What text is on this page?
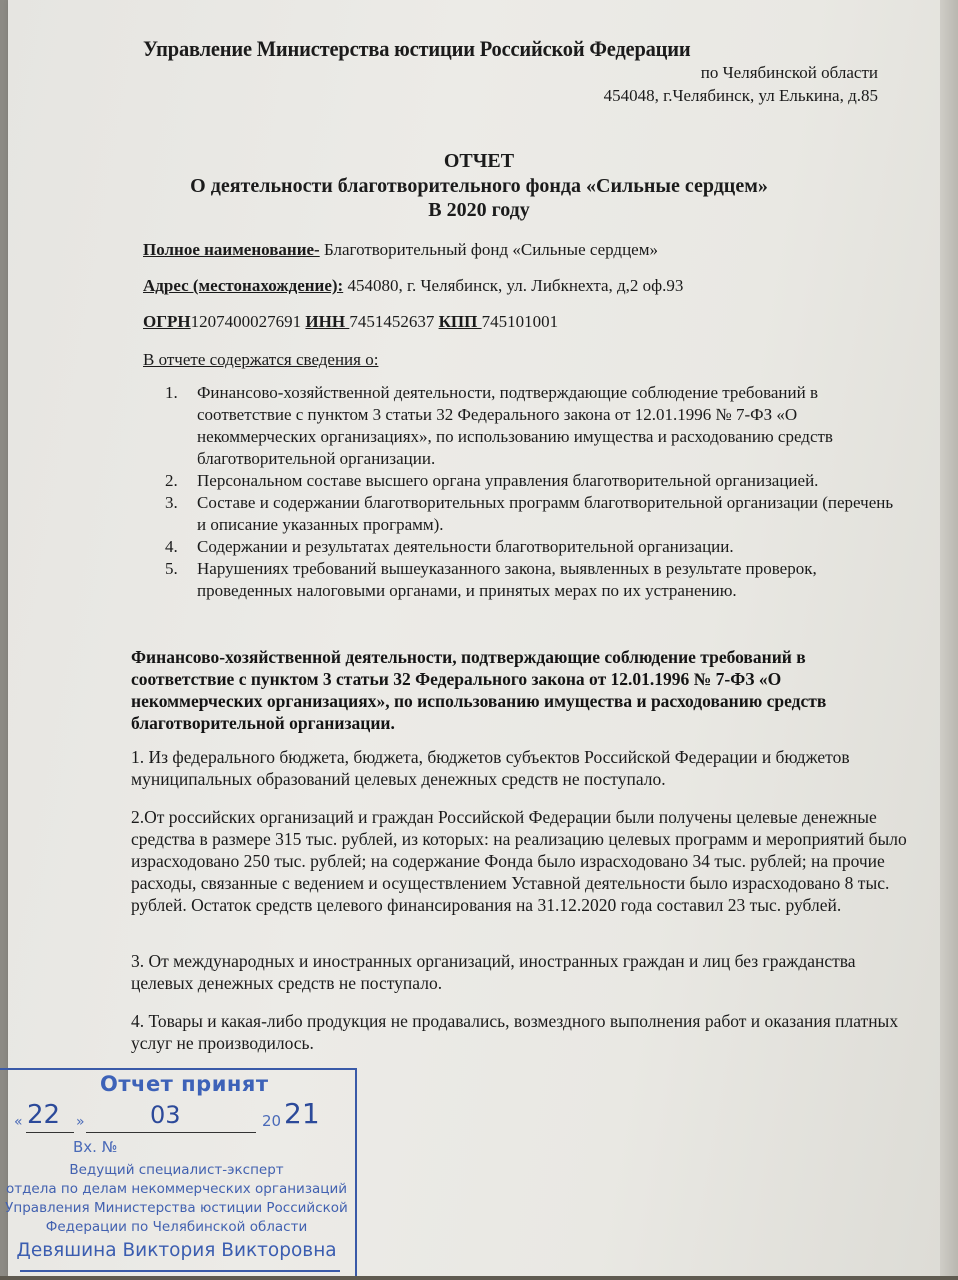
Управление Министерства юстиции Российской Федерации
по Челябинской области
454048, г.Челябинск, ул Елькина, д.85
ОТЧЕТ
О деятельности благотворительного фонда «Сильные сердцем»
В 2020 году
Полное наименование- Благотворительный фонд «Сильные сердцем»
Адрес (местонахождение): 454080, г. Челябинск, ул. Либкнехта, д,2 оф.93
ОГРН1207400027691 ИНН 7451452637 КПП 745101001
В отчете содержатся сведения о:
1.	Финансово-хозяйственной деятельности, подтверждающие соблюдение требований в соответствие с пунктом 3 статьи 32 Федерального закона от 12.01.1996 № 7-ФЗ «О некоммерческих организациях», по использованию имущества и расходованию средств благотворительной организации.
2.	Персональном составе высшего органа управления благотворительной организацией.
3.	Составе и содержании благотворительных программ благотворительной организации (перечень и описание указанных программ).
4.	Содержании и результатах деятельности благотворительной организации.
5.	Нарушениях требований вышеуказанного закона, выявленных в результате проверок, проведенных налоговыми органами, и принятых мерах по их устранению.
Финансово-хозяйственной деятельности, подтверждающие соблюдение требований в соответствие с пунктом 3 статьи 32 Федерального закона от 12.01.1996 № 7-ФЗ «О некоммерческих организациях», по использованию имущества и расходованию средств благотворительной организации.
1. Из федерального бюджета, бюджета, бюджетов субъектов Российской Федерации и бюджетов муниципальных образований целевых денежных средств не поступало.
2.От российских организаций и граждан Российской Федерации были получены целевые денежные средства в размере 315 тыс. рублей, из которых: на реализацию целевых программ и мероприятий было израсходовано 250 тыс. рублей; на содержание Фонда было израсходовано 34 тыс. рублей; на прочие расходы, связанные с ведением и осуществлением Уставной деятельности было израсходовано 8 тыс. рублей. Остаток средств целевого финансирования на 31.12.2020 года составил 23 тыс. рублей.
3. От международных и иностранных организаций, иностранных граждан и лиц без гражданства целевых денежных средств не поступало.
4. Товары и какая-либо продукция не продавались, возмездного выполнения работ и оказания платных услуг не производилось.
Отчет принят
« 22 »	03	20 21
Вх. №
Ведущий специалист-эксперт
отдела по делам некоммерческих организаций
Управления Министерства юстиции Российской
Федерации по Челябинской области
Девяшина Виктория Викторовна
